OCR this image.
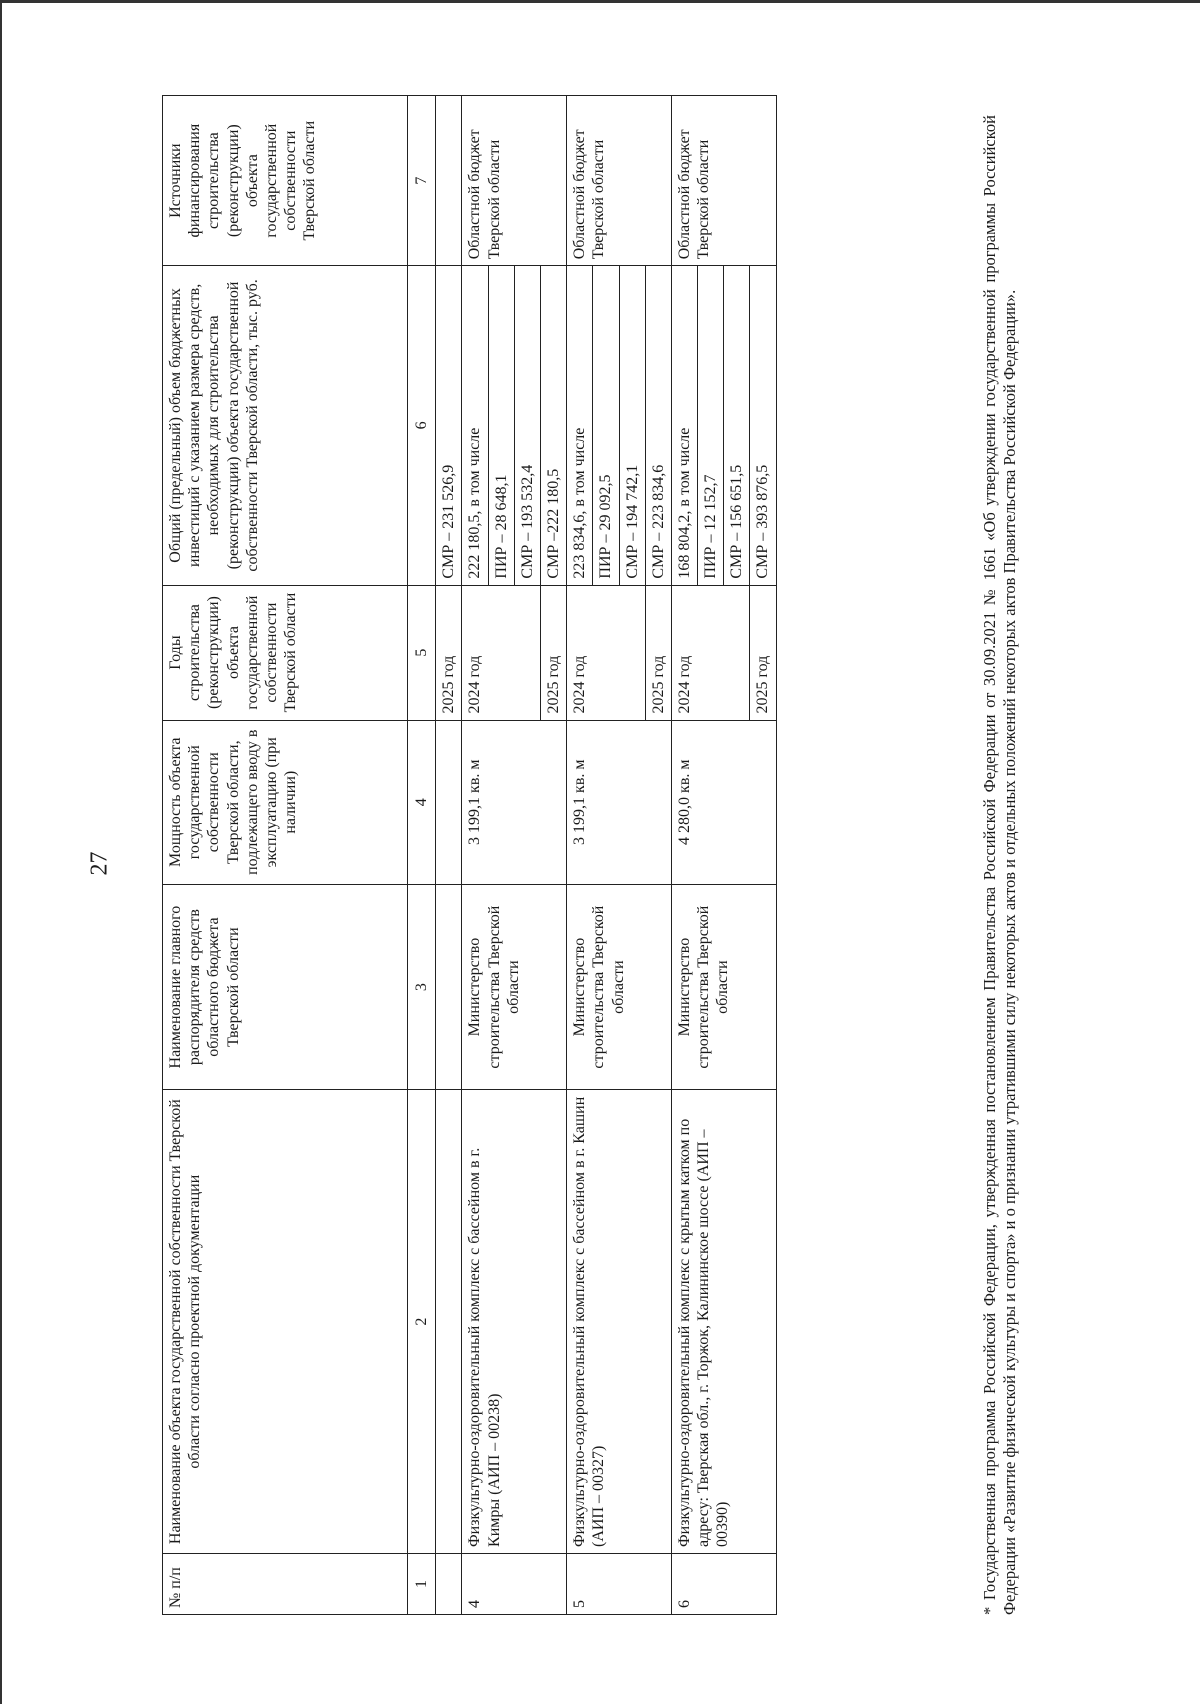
27
№ п/п	Наименование объекта государственной собственности Тверской области согласно проектной документации	Наименование главного распорядителя средств областного бюджета Тверской области	Мощность объекта государственной собственности Тверской области, подлежащего вводу в эксплуатацию (при наличии)	Годы строительства (реконструкции) объекта государственной собственности Тверской области	Общий (предельный) объем бюджетных инвестиций с указанием размера средств, необходимых для строительства (реконструкции) объекта государственной собственности Тверской области, тыс. руб.	Источники финансирования строительства (реконструкции) объекта государственной собственности Тверской области
1	2	3	4	5	6	7
				2025 год	СМР – 231 526,9	
4	Физкультурно-оздоровительный комплекс с бассейном в г. Кимры (АИП – 00238)	Министерство строительства Тверской области	3 199,1 кв. м	2024 год	222 180,5, в том числе	Областной бюджет Тверской области
					ПИР – 28 648,1	
					СМР – 193 532,4	
				2025 год	СМР –222 180,5	
5	Физкультурно-оздоровительный комплекс с бассейном в г. Кашин (АИП – 00327)	Министерство строительства Тверской области	3 199,1 кв. м	2024 год	223 834,6, в том числе	Областной бюджет Тверской области
					ПИР – 29 092,5	
					СМР – 194 742,1	
				2025 год	СМР – 223 834,6	
6	Физкультурно-оздоровительный комплекс с крытым катком по адресу: Тверская обл., г. Торжок, Калининское шоссе (АИП – 00390)	Министерство строительства Тверской области	4 280,0 кв. м	2024 год	168 804,2, в том числе	Областной бюджет Тверской области
					ПИР – 12 152,7	
					СМР – 156 651,5	
				2025 год	СМР – 393 876,5		* Государственная программа Российской Федерации, утвержденная постановлением Правительства Российской Федерации от 30.09.2021 № 1661 «Об утверждении государственной программы Российской Федерации «Развитие физической культуры и спорта» и о признании утратившими силу некоторых актов и отдельных положений некоторых актов Правительства Российской Федерации».
